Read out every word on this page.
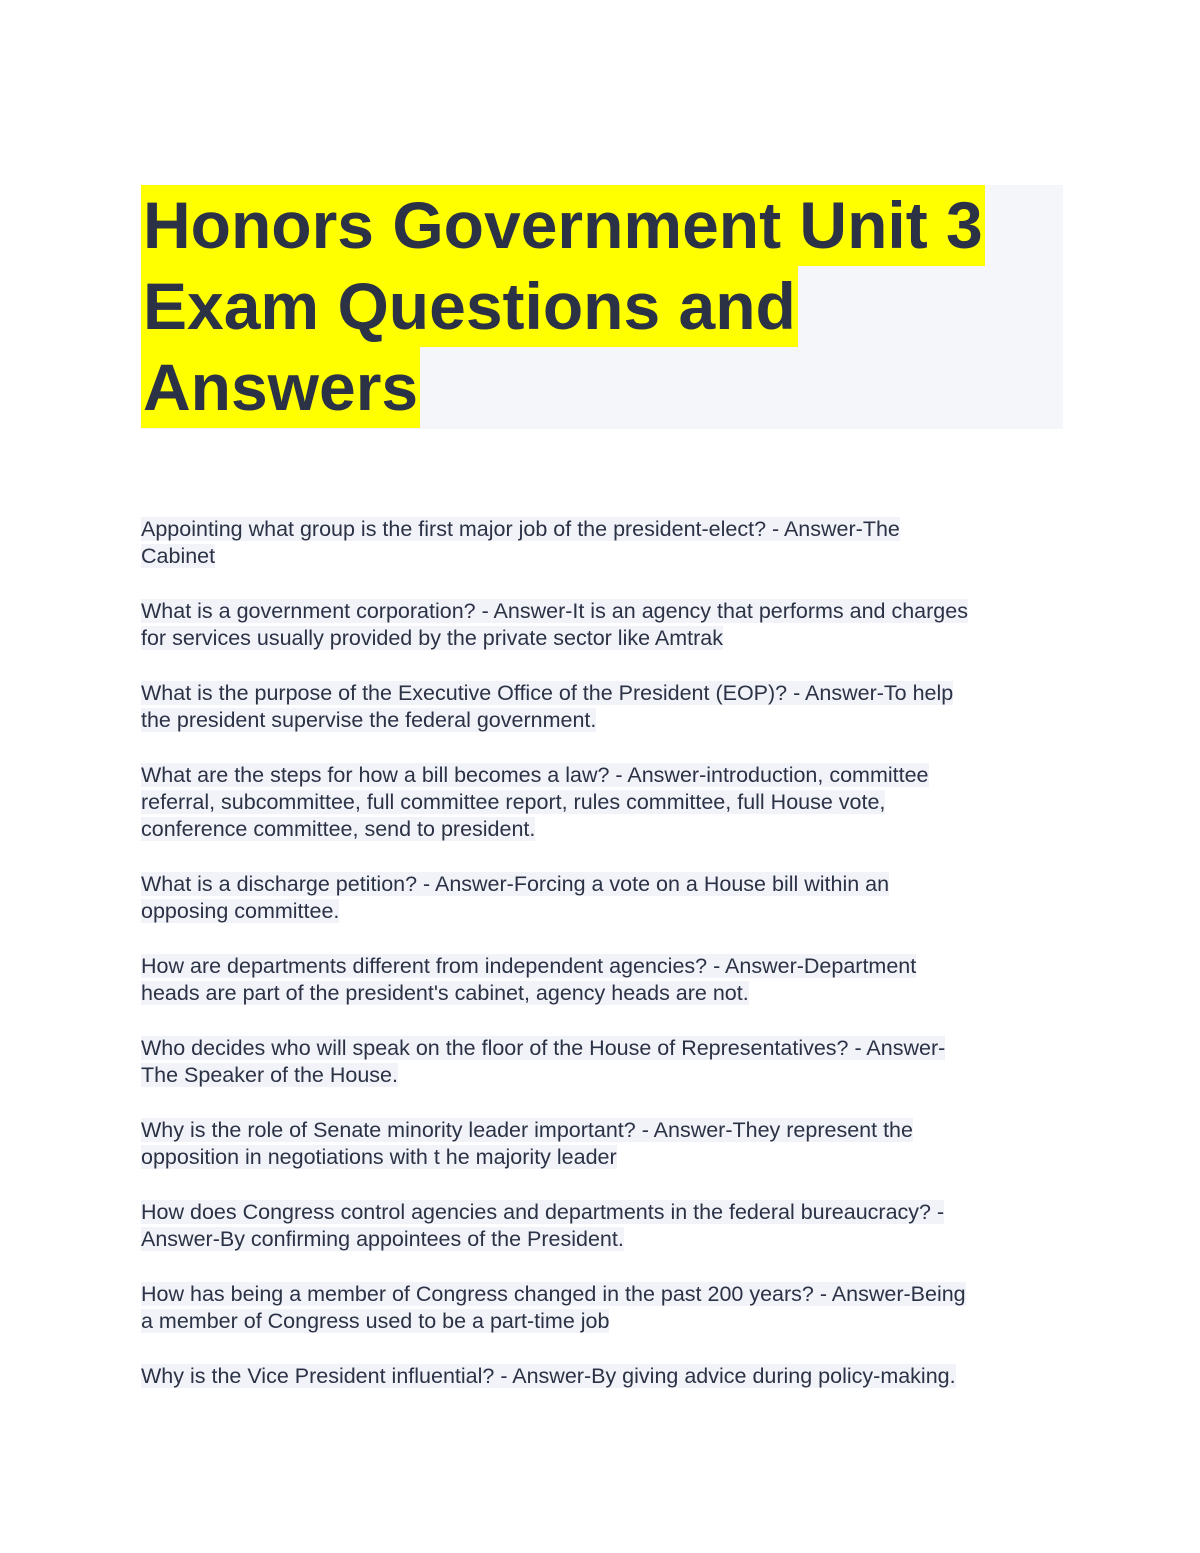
Honors Government Unit 3
Exam Questions and
Answers
Appointing what group is the first major job of the president-elect? - Answer-The
Cabinet
What is a government corporation? - Answer-It is an agency that performs and charges
for services usually provided by the private sector like Amtrak
What is the purpose of the Executive Office of the President (EOP)? - Answer-To help
the president supervise the federal government.
What are the steps for how a bill becomes a law? - Answer-introduction, committee
referral, subcommittee, full committee report, rules committee, full House vote,
conference committee, send to president.
What is a discharge petition? - Answer-Forcing a vote on a House bill within an
opposing committee.
How are departments different from independent agencies? - Answer-Department
heads are part of the president's cabinet, agency heads are not.
Who decides who will speak on the floor of the House of Representatives? - Answer-
The Speaker of the House.
Why is the role of Senate minority leader important? - Answer-They represent the
opposition in negotiations with t he majority leader
How does Congress control agencies and departments in the federal bureaucracy? -
Answer-By confirming appointees of the President.
How has being a member of Congress changed in the past 200 years? - Answer-Being
a member of Congress used to be a part-time job
Why is the Vice President influential? - Answer-By giving advice during policy-making.
